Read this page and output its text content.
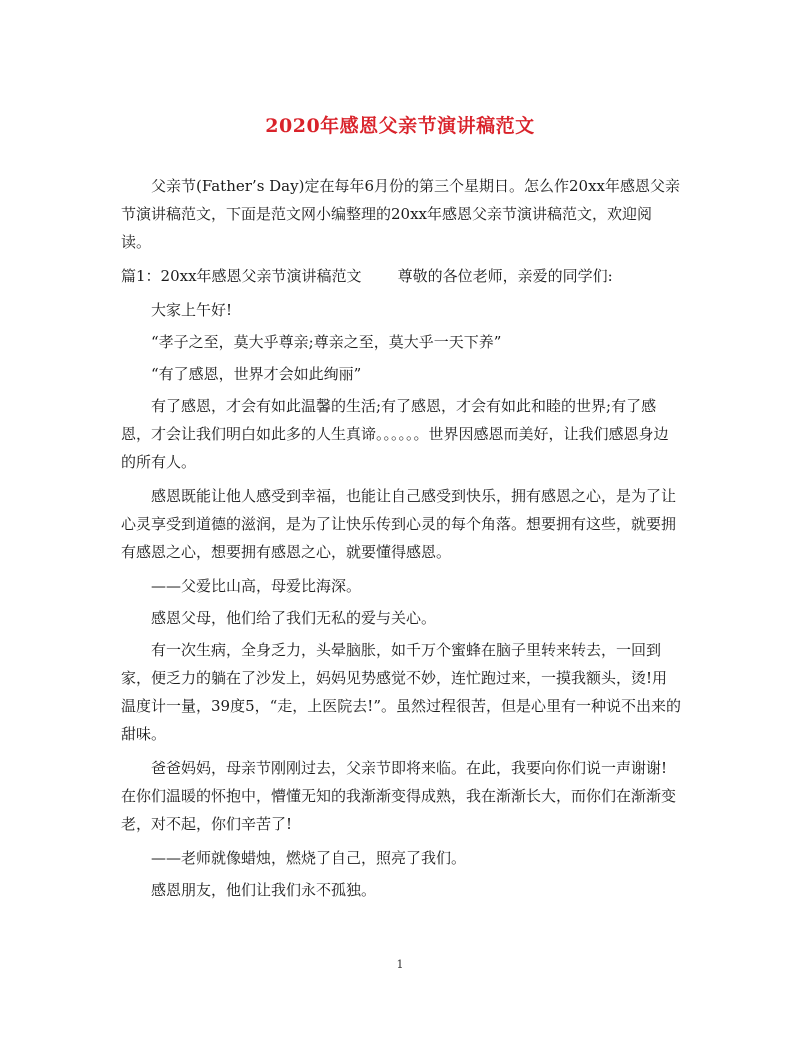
2020年感恩父亲节演讲稿范文

父亲节(Father’s Day)定在每年6月份的第三个星期日。怎么作20xx年感恩父亲节演讲稿范文，下面是范文网小编整理的20xx年感恩父亲节演讲稿范文，欢迎阅读。

篇1：20xx年感恩父亲节演讲稿范文 尊敬的各位老师，亲爱的同学们:

大家上午好!

“孝子之至，莫大乎尊亲;尊亲之至，莫大乎一天下养”

“有了感恩，世界才会如此绚丽”

有了感恩，才会有如此温馨的生活;有了感恩，才会有如此和睦的世界;有了感恩，才会让我们明白如此多的人生真谛。。。。。。世界因感恩而美好，让我们感恩身边的所有人。

感恩既能让他人感受到幸福，也能让自己感受到快乐，拥有感恩之心，是为了让心灵享受到道德的滋润，是为了让快乐传到心灵的每个角落。想要拥有这些，就要拥有感恩之心，想要拥有感恩之心，就要懂得感恩。

——父爱比山高，母爱比海深。

感恩父母，他们给了我们无私的爱与关心。

有一次生病，全身乏力，头晕脑胀，如千万个蜜蜂在脑子里转来转去，一回到家，便乏力的躺在了沙发上，妈妈见势感觉不妙，连忙跑过来，一摸我额头，烫!用温度计一量，39度5，“走，上医院去!”。虽然过程很苦，但是心里有一种说不出来的甜味。

爸爸妈妈，母亲节刚刚过去，父亲节即将来临。在此，我要向你们说一声谢谢!在你们温暖的怀抱中，懵懂无知的我渐渐变得成熟，我在渐渐长大，而你们在渐渐变老，对不起，你们辛苦了!

——老师就像蜡烛，燃烧了自己，照亮了我们。

感恩朋友，他们让我们永不孤独。

1
